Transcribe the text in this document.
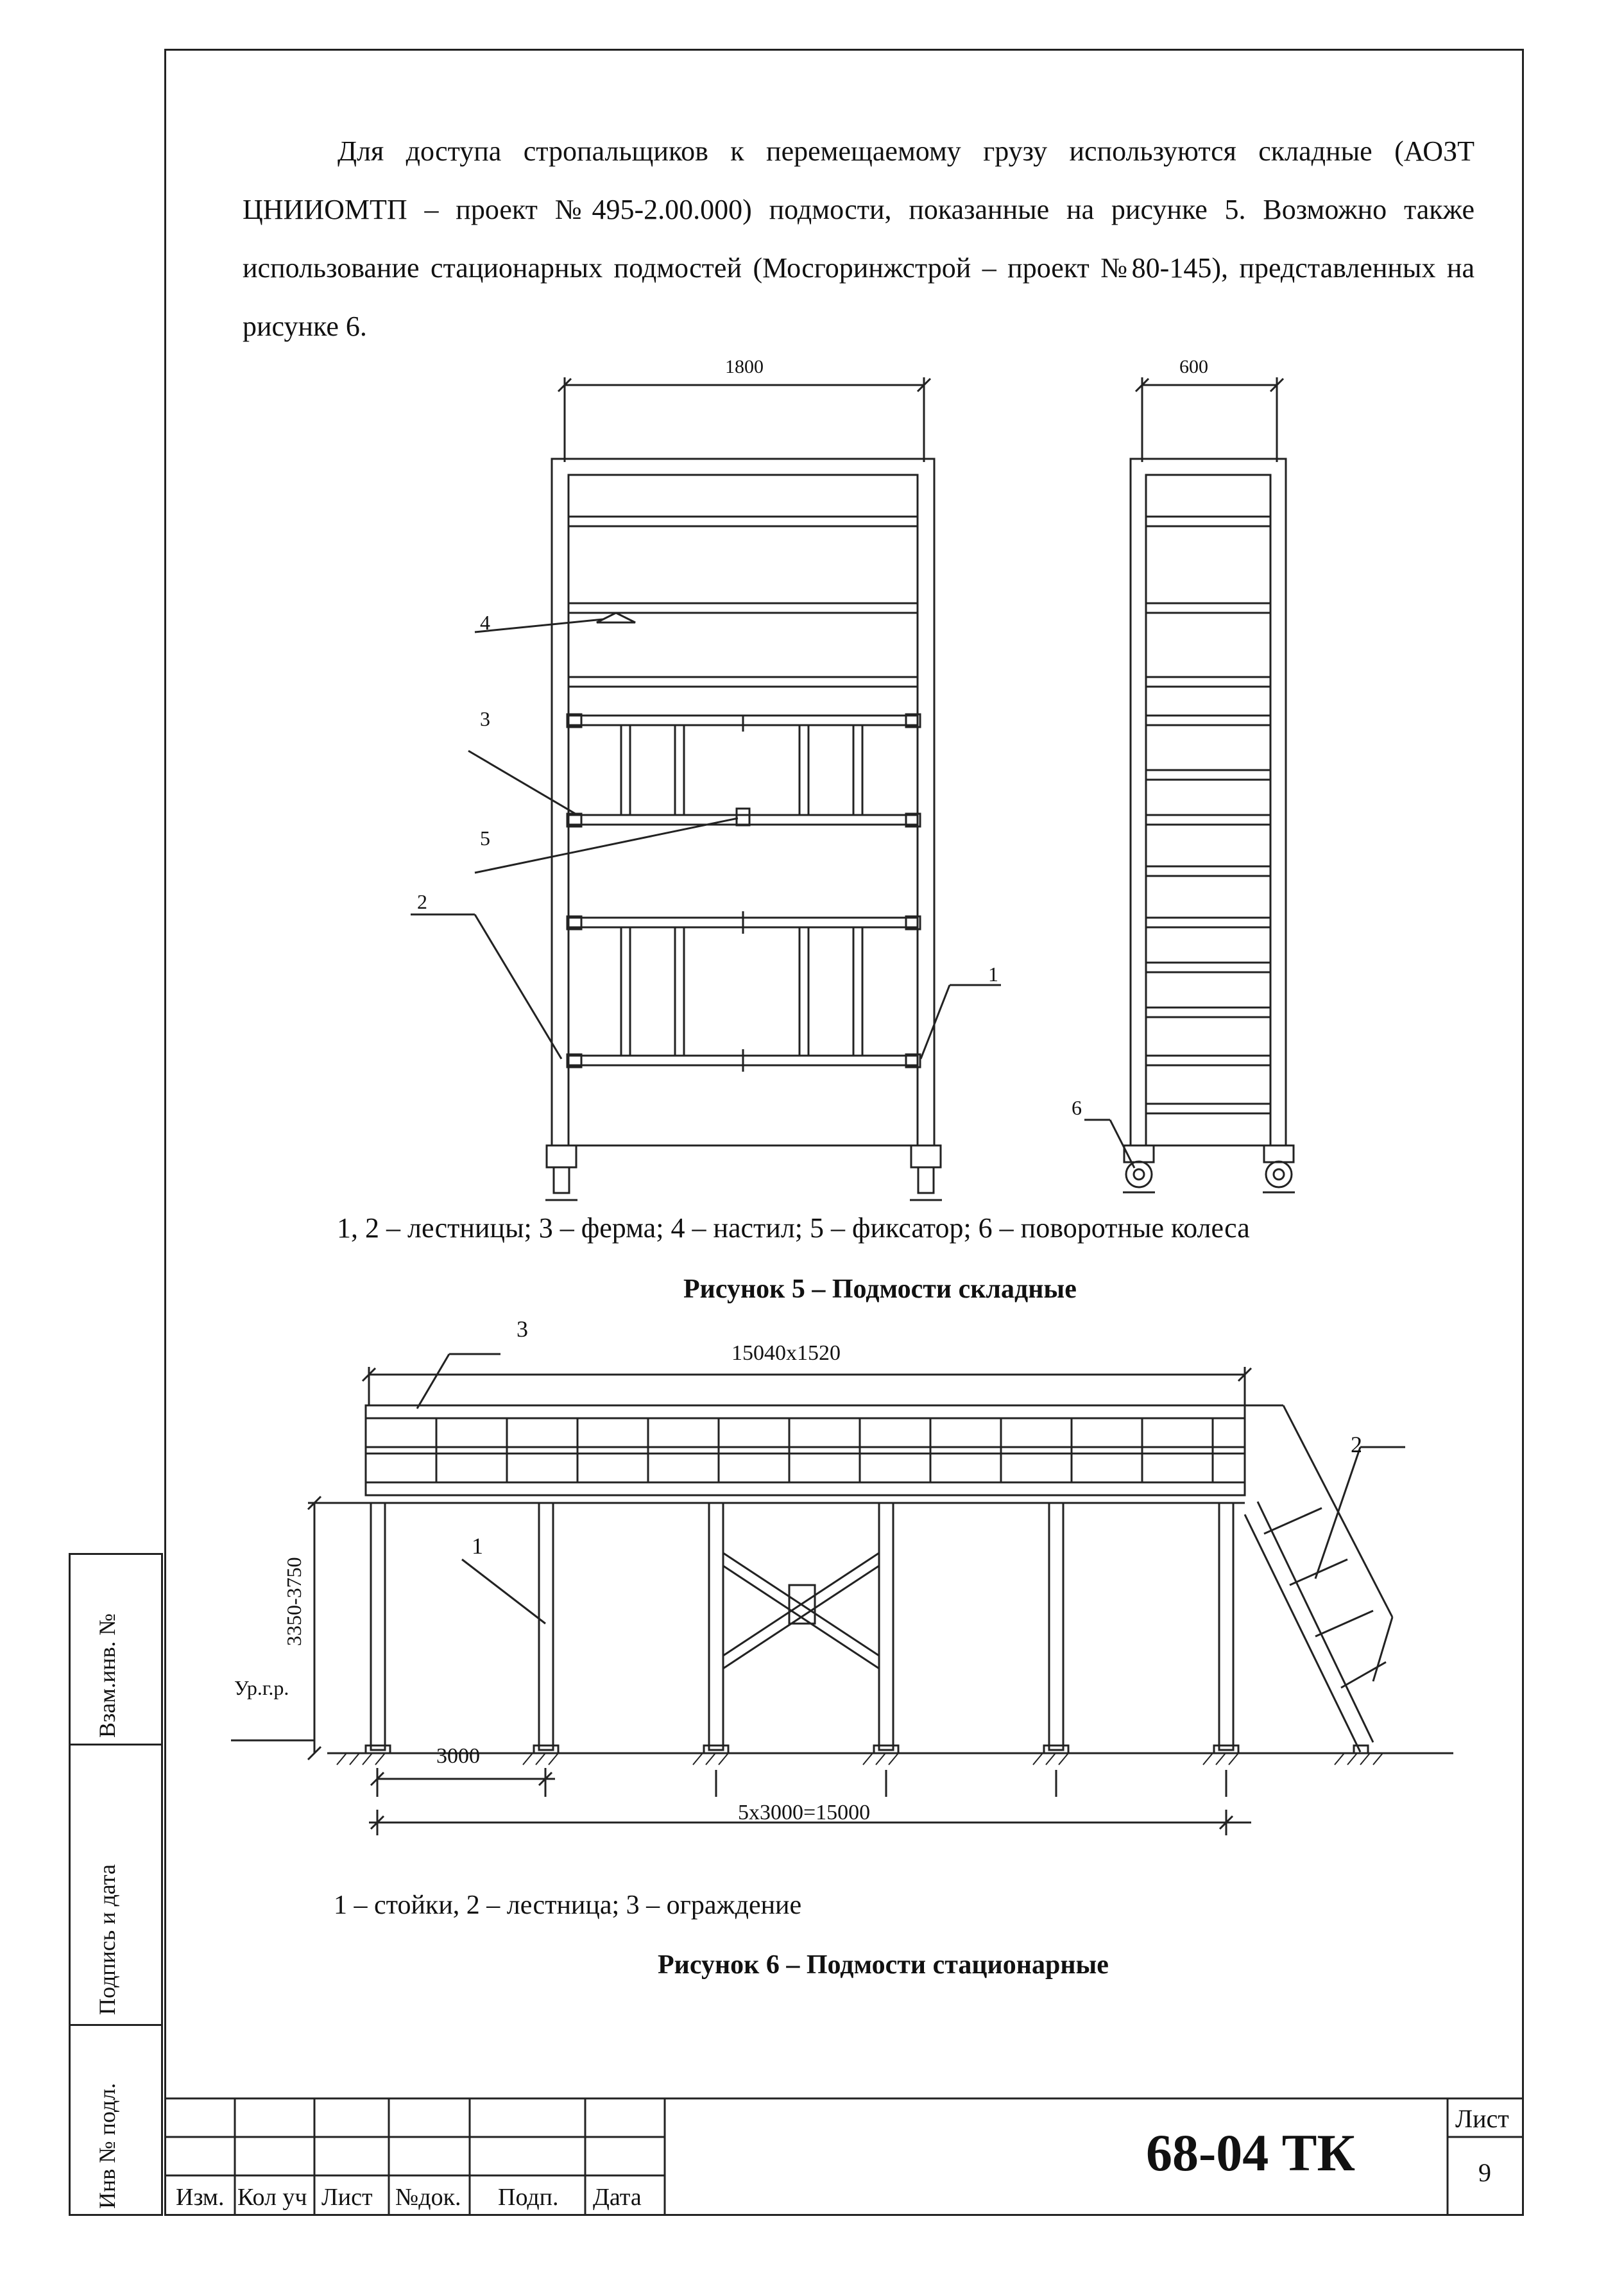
Для доступа стропальщиков к перемещаемому грузу используются складные (АОЗТ ЦНИИОМТП – проект №495-2.00.000) подмости, показанные на рисунке 5. Возможно также использование стационарных подмостей (Мосгоринжстрой – проект №80-145), представленных на рисунке 6.

1800
4
3
5
2
1
600
6
1, 2 – лестницы; 3 – ферма; 4 – настил; 5 – фиксатор; 6 – поворотные колеса
Рисунок 5 – Подмости складные
3
15040x1520
2
1
3350-3750
Ур.г.р.
3000
5x3000=15000
1 – стойки, 2 – лестница; 3 – ограждение
Рисунок 6 – Подмости стационарные
Взам.инв. №
Подпись и дата
Инв № подл. Изм. Кол уч Лист №док. Подп. Дата
68-04 ТК
Лист
9
